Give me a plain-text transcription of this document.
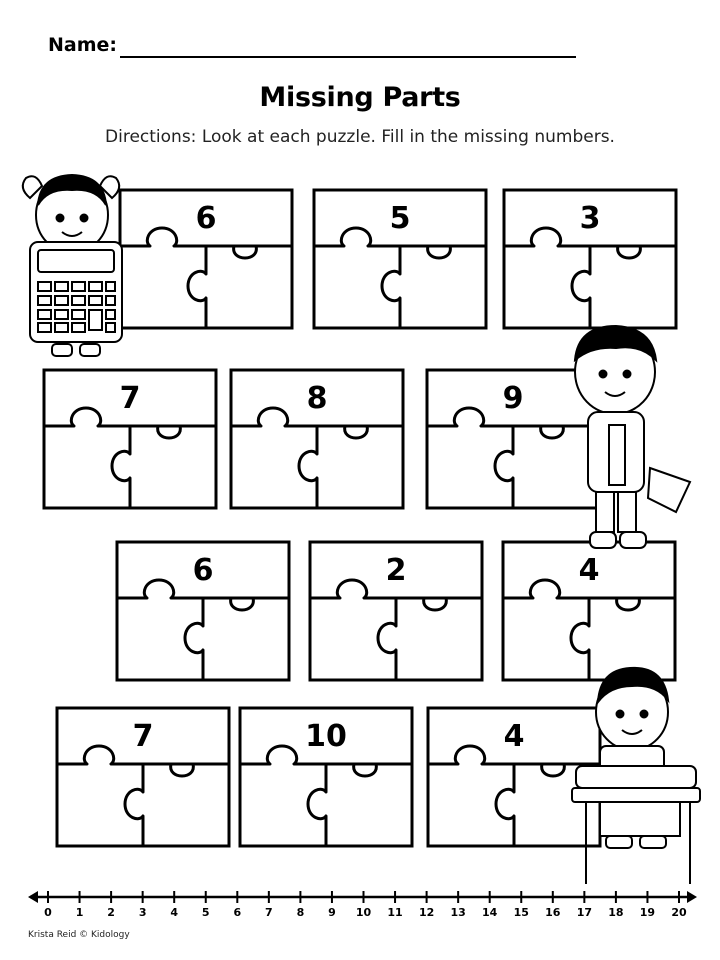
Name:
Missing Parts
Directions: Look at each puzzle. Fill in the missing numbers.
6	5	3
7	8	9
6	2	4
7	10	4
0 1 2 3 4 5 6 7 8 9 10 11 12 13 14 15 16 17 18 19 20
Krista Reid © Kidology
